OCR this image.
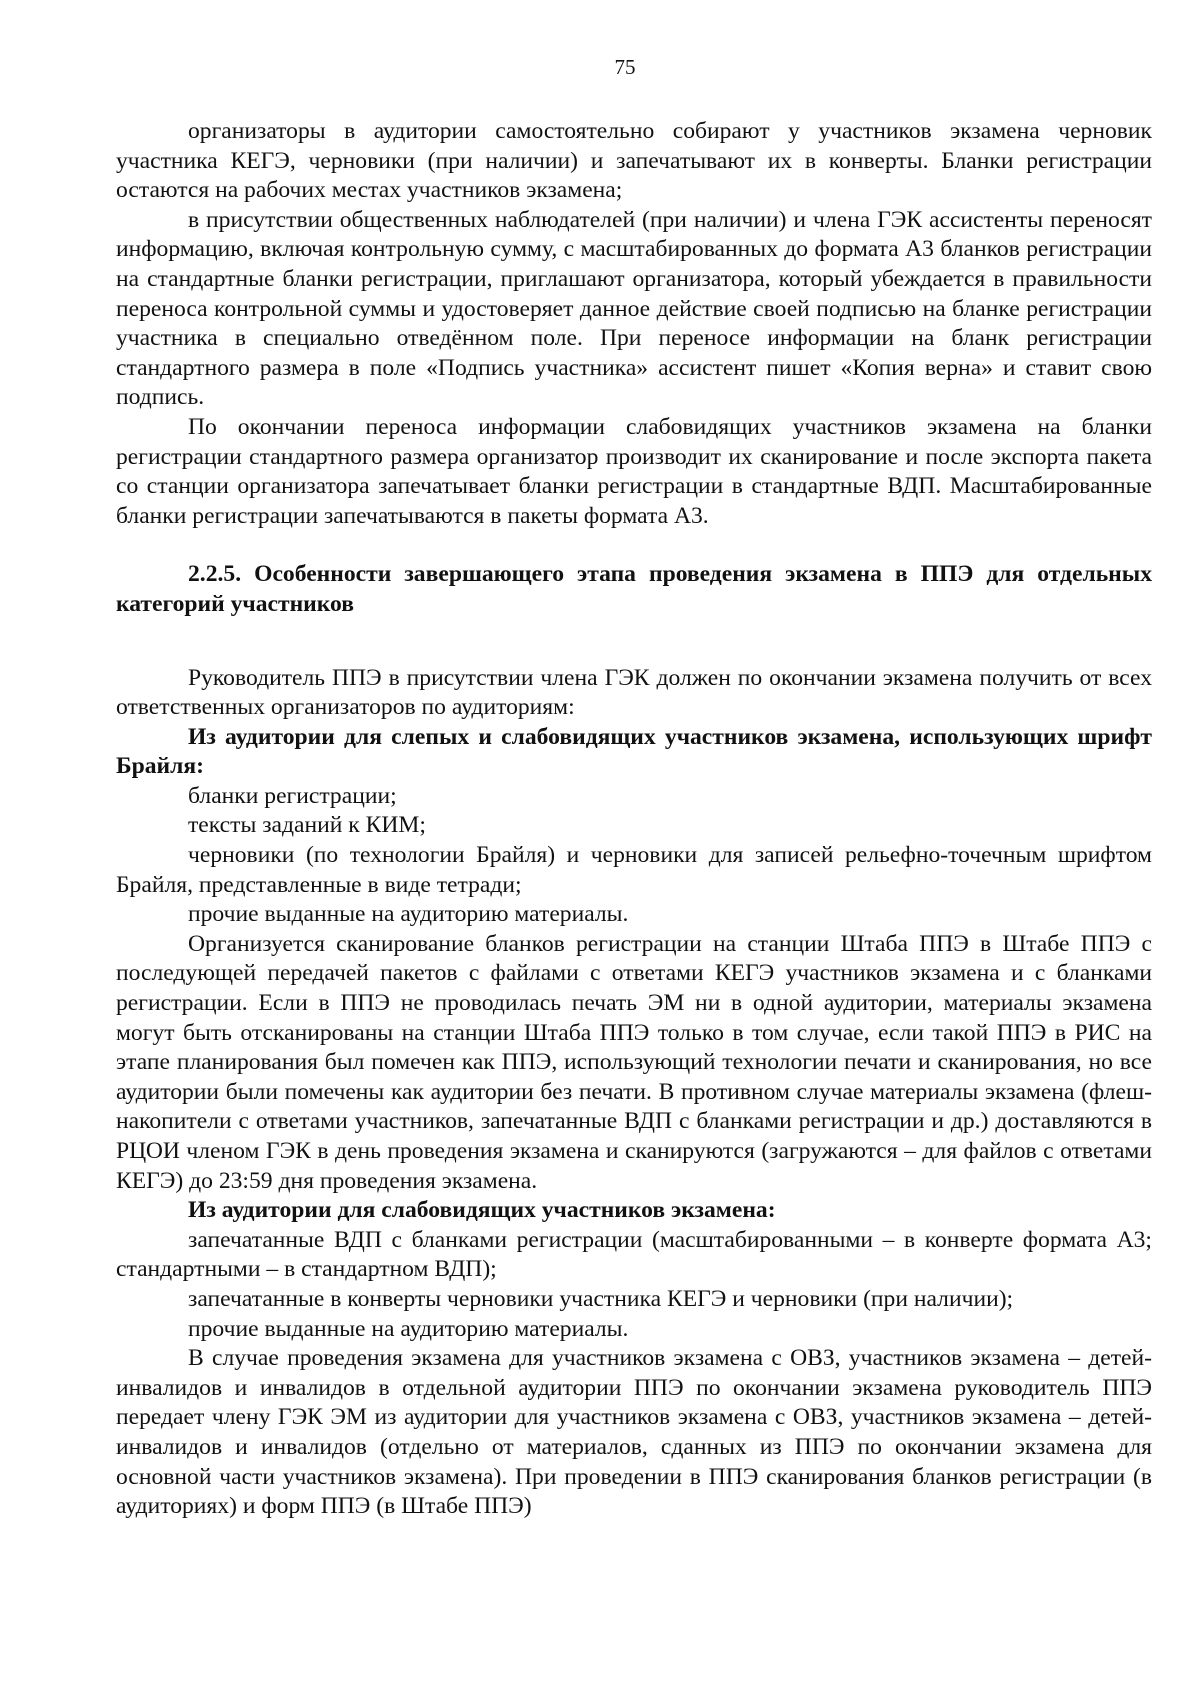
75

организаторы в аудитории самостоятельно собирают у участников экзамена черновик участника КЕГЭ, черновики (при наличии) и запечатывают их в конверты. Бланки регистрации остаются на рабочих местах участников экзамена;

в присутствии общественных наблюдателей (при наличии) и члена ГЭК ассистенты переносят информацию, включая контрольную сумму, с масштабированных до формата А3 бланков регистрации на стандартные бланки регистрации, приглашают организатора, который убеждается в правильности переноса контрольной суммы и удостоверяет данное действие своей подписью на бланке регистрации участника в специально отведённом поле. При переносе информации на бланк регистрации стандартного размера в поле «Подпись участника» ассистент пишет «Копия верна» и ставит свою подпись.

По окончании переноса информации слабовидящих участников экзамена на бланки регистрации стандартного размера организатор производит их сканирование и после экспорта пакета со станции организатора запечатывает бланки регистрации в стандартные ВДП. Масштабированные бланки регистрации запечатываются в пакеты формата А3.

2.2.5. Особенности завершающего этапа проведения экзамена в ППЭ для отдельных категорий участников

Руководитель ППЭ в присутствии члена ГЭК должен по окончании экзамена получить от всех ответственных организаторов по аудиториям:

Из аудитории для слепых и слабовидящих участников экзамена, использующих шрифт Брайля:

бланки регистрации;

тексты заданий к КИМ;

черновики (по технологии Брайля) и черновики для записей рельефно-точечным шрифтом Брайля, представленные в виде тетради;

прочие выданные на аудиторию материалы.

Организуется сканирование бланков регистрации на станции Штаба ППЭ в Штабе ППЭ с последующей передачей пакетов с файлами с ответами КЕГЭ участников экзамена и с бланками регистрации. Если в ППЭ не проводилась печать ЭМ ни в одной аудитории, материалы экзамена могут быть отсканированы на станции Штаба ППЭ только в том случае, если такой ППЭ в РИС на этапе планирования был помечен как ППЭ, использующий технологии печати и сканирования, но все аудитории были помечены как аудитории без печати. В противном случае материалы экзамена (флеш-накопители с ответами участников, запечатанные ВДП с бланками регистрации и др.) доставляются в РЦОИ членом ГЭК в день проведения экзамена и сканируются (загружаются – для файлов с ответами КЕГЭ) до 23:59 дня проведения экзамена.

Из аудитории для слабовидящих участников экзамена:

запечатанные ВДП с бланками регистрации (масштабированными – в конверте формата А3; стандартными – в стандартном ВДП);

запечатанные в конверты черновики участника КЕГЭ и черновики (при наличии);

прочие выданные на аудиторию материалы.

В случае проведения экзамена для участников экзамена с ОВЗ, участников экзамена – детей-инвалидов и инвалидов в отдельной аудитории ППЭ по окончании экзамена руководитель ППЭ передает члену ГЭК ЭМ из аудитории для участников экзамена с ОВЗ, участников экзамена – детей-инвалидов и инвалидов (отдельно от материалов, сданных из ППЭ по окончании экзамена для основной части участников экзамена). При проведении в ППЭ сканирования бланков регистрации (в аудиториях) и форм ППЭ (в Штабе ППЭ)
